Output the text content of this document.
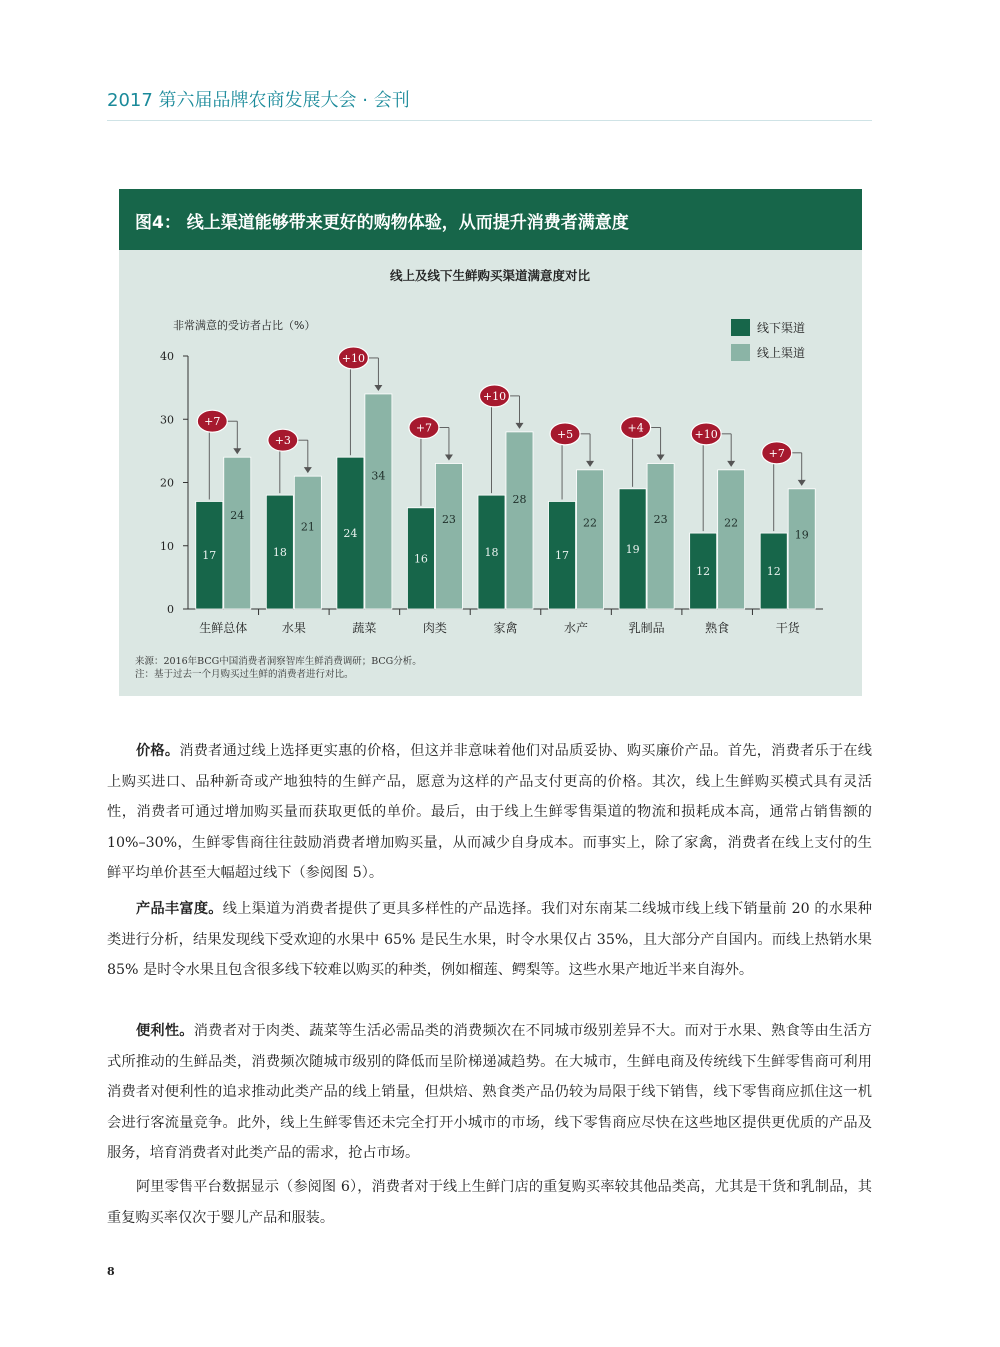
2017 第六届品牌农商发展大会 · 会刊
图4： 线上渠道能够带来更好的购物体验，从而提升消费者满意度
线上及线下生鲜购买渠道满意度对比
非常满意的受访者占比（%）
0
10
20
30
40
17
24
生鲜总体
+7
18
21
水果
+3
24
34
蔬菜
+10
16
23
肉类
+7
18
28
家禽
+10
17
22
水产
+5
19
23
乳制品
+4
12
22
熟食
+10
12
19
干货
+7
线下渠道
线上渠道
来源：2016年BCG中国消费者洞察智库生鲜消费调研；BCG分析。
注：基于过去一个月购买过生鲜的消费者进行对比。
价格。消费者通过线上选择更实惠的价格，但这并非意味着他们对品质妥协、购买廉价产品。首先，消费者乐于在线上购买进口、品种新奇或产地独特的生鲜产品，愿意为这样的产品支付更高的价格。其次，线上生鲜购买模式具有灵活性，消费者可通过增加购买量而获取更低的单价。最后，由于线上生鲜零售渠道的物流和损耗成本高，通常占销售额的 10%–30%，生鲜零售商往往鼓励消费者增加购买量，从而减少自身成本。而事实上，除了家禽，消费者在线上支付的生鲜平均单价甚至大幅超过线下（参阅图 5）。
产品丰富度。线上渠道为消费者提供了更具多样性的产品选择。我们对东南某二线城市线上线下销量前 20 的水果种类进行分析，结果发现线下受欢迎的水果中 65% 是民生水果，时令水果仅占 35%，且大部分产自国内。而线上热销水果 85% 是时令水果且包含很多线下较难以购买的种类，例如榴莲、鳄梨等。这些水果产地近半来自海外。
便利性。消费者对于肉类、蔬菜等生活必需品类的消费频次在不同城市级别差异不大。而对于水果、熟食等由生活方式所推动的生鲜品类，消费频次随城市级别的降低而呈阶梯递减趋势。在大城市，生鲜电商及传统线下生鲜零售商可利用消费者对便利性的追求推动此类产品的线上销量，但烘焙、熟食类产品仍较为局限于线下销售，线下零售商应抓住这一机会进行客流量竞争。此外，线上生鲜零售还未完全打开小城市的市场，线下零售商应尽快在这些地区提供更优质的产品及服务，培育消费者对此类产品的需求，抢占市场。
阿里零售平台数据显示（参阅图 6），消费者对于线上生鲜门店的重复购买率较其他品类高，尤其是干货和乳制品，其重复购买率仅次于婴儿产品和服装。
8
